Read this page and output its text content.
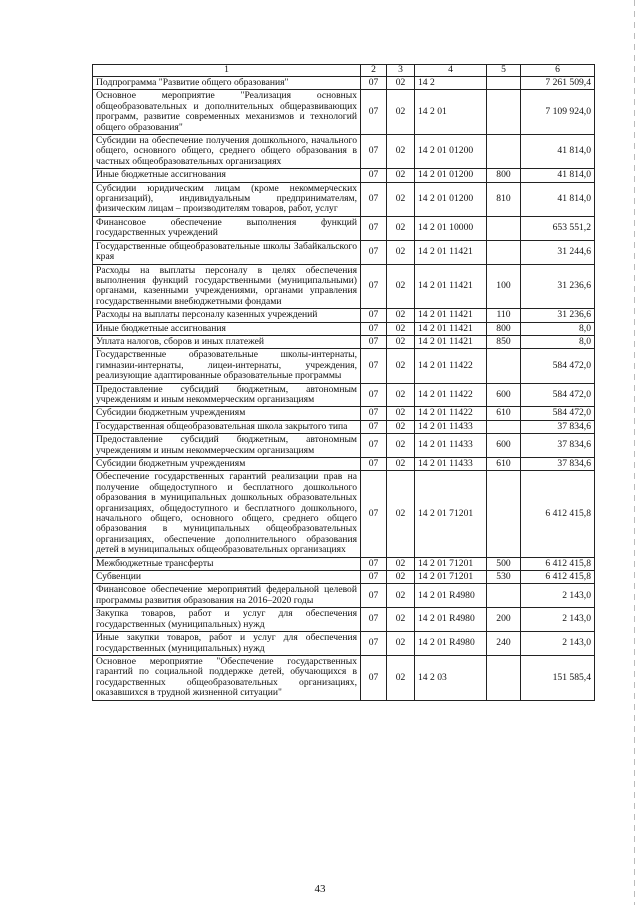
1	2	3	4	5	6
Подпрограмма "Развитие общего образования"	07	02	14 2		7 261 509,4
Основное мероприятие "Реализация основных общеобразовательных и дополнительных общеразвивающих программ, развитие современных механизмов и технологий общего образования"	07	02	14 2 01		7 109 924,0
Субсидии на обеспечение получения дошкольного, начального общего, основного общего, среднего общего образования в частных общеобразовательных организациях	07	02	14 2 01 01200		41 814,0
Иные бюджетные ассигнования	07	02	14 2 01 01200	800	41 814,0
Субсидии юридическим лицам (кроме некоммерческих организаций), индивидуальным предпринимателям, физическим лицам – производителям товаров, работ, услуг	07	02	14 2 01 01200	810	41 814,0
Финансовое обеспечение выполнения функций государственных учреждений	07	02	14 2 01 10000		653 551,2
Государственные общеобразовательные школы Забайкальского края	07	02	14 2 01 11421		31 244,6
Расходы на выплаты персоналу в целях обеспечения выполнения функций государственными (муниципальными) органами, казенными учреждениями, органами управления государственными внебюджетными фондами	07	02	14 2 01 11421	100	31 236,6
Расходы на выплаты персоналу казенных учреждений	07	02	14 2 01 11421	110	31 236,6
Иные бюджетные ассигнования	07	02	14 2 01 11421	800	8,0
Уплата налогов, сборов и иных платежей	07	02	14 2 01 11421	850	8,0
Государственные образовательные школы-интернаты, гимназии-интернаты, лицеи-интернаты, учреждения, реализующие адаптированные образовательные программы	07	02	14 2 01 11422		584 472,0
Предоставление субсидий бюджетным, автономным учреждениям и иным некоммерческим организациям	07	02	14 2 01 11422	600	584 472,0
Субсидии бюджетным учреждениям	07	02	14 2 01 11422	610	584 472,0
Государственная общеобразовательная школа закрытого типа	07	02	14 2 01 11433		37 834,6
Предоставление субсидий бюджетным, автономным учреждениям и иным некоммерческим организациям	07	02	14 2 01 11433	600	37 834,6
Субсидии бюджетным учреждениям	07	02	14 2 01 11433	610	37 834,6
Обеспечение государственных гарантий реализации прав на получение общедоступного и бесплатного дошкольного образования в муниципальных дошкольных образовательных организациях, общедоступного и бесплатного дошкольного, начального общего, основного общего, среднего общего образования в муниципальных общеобразовательных организациях, обеспечение дополнительного образования детей в муниципальных общеобразовательных организациях	07	02	14 2 01 71201		6 412 415,8
Межбюджетные трансферты	07	02	14 2 01 71201	500	6 412 415,8
Субвенции	07	02	14 2 01 71201	530	6 412 415,8
Финансовое обеспечение мероприятий федеральной целевой программы развития образования на 2016–2020 годы	07	02	14 2 01 R4980		2 143,0
Закупка товаров, работ и услуг для обеспечения государственных (муниципальных) нужд	07	02	14 2 01 R4980	200	2 143,0
Иные закупки товаров, работ и услуг для обеспечения государственных (муниципальных) нужд	07	02	14 2 01 R4980	240	2 143,0
Основное мероприятие "Обеспечение государственных гарантий по социальной поддержке детей, обучающихся в государственных общеобразовательных организациях, оказавшихся в трудной жизненной ситуации"	07	02	14 2 03		151 585,4
43
